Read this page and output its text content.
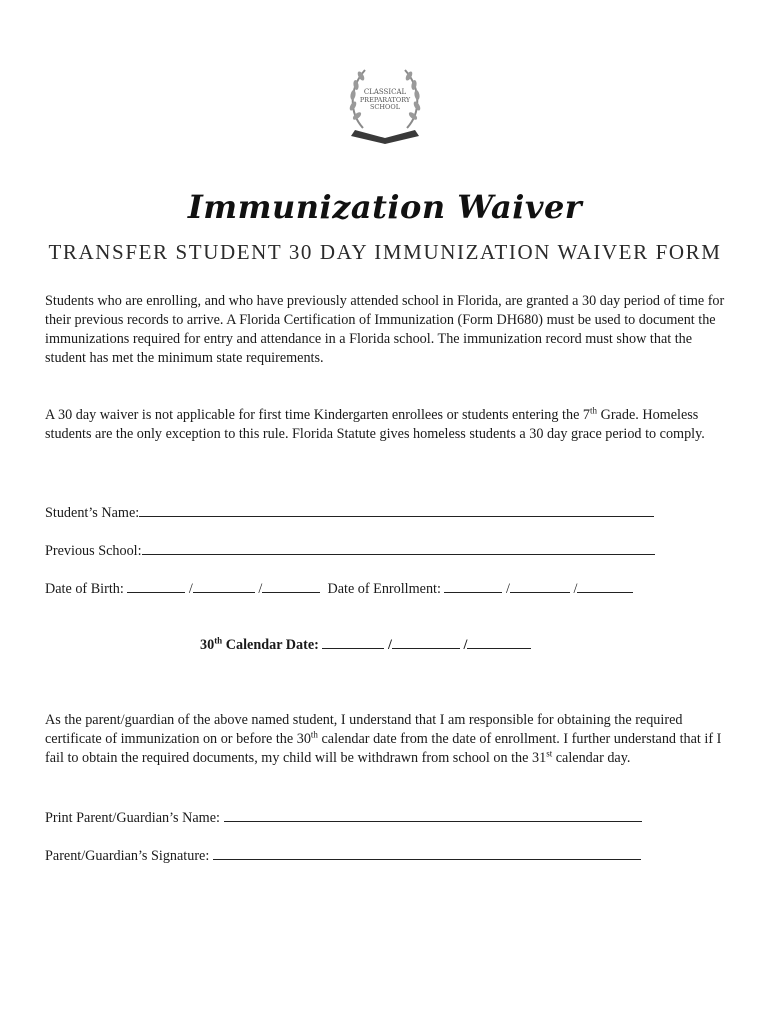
CLASSICAL
PREPARATORY
SCHOOL
Immunization Waiver
TRANSFER STUDENT 30 DAY IMMUNIZATION WAIVER FORM
Students who are enrolling, and who have previously attended school in Florida, are granted a 30 day period of time for their previous records to arrive. A Florida Certification of Immunization (Form DH680) must be used to document the immunizations required for entry and attendance in a Florida school. The immunization record must show that the student has met the minimum state requirements.
A 30 day waiver is not applicable for first time Kindergarten enrollees or students entering the 7th Grade. Homeless students are the only exception to this rule. Florida Statute gives homeless students a 30 day grace period to comply.
Student’s Name:
Previous School:
Date of Birth:	/	/	Date of Enrollment:	/	/
30th Calendar Date:	/	/
As the parent/guardian of the above named student, I understand that I am responsible for obtaining the required certificate of immunization on or before the 30th calendar date from the date of enrollment. I further understand that if I fail to obtain the required documents, my child will be withdrawn from school on the 31st calendar day.
Print Parent/Guardian’s Name:
Parent/Guardian’s Signature:
